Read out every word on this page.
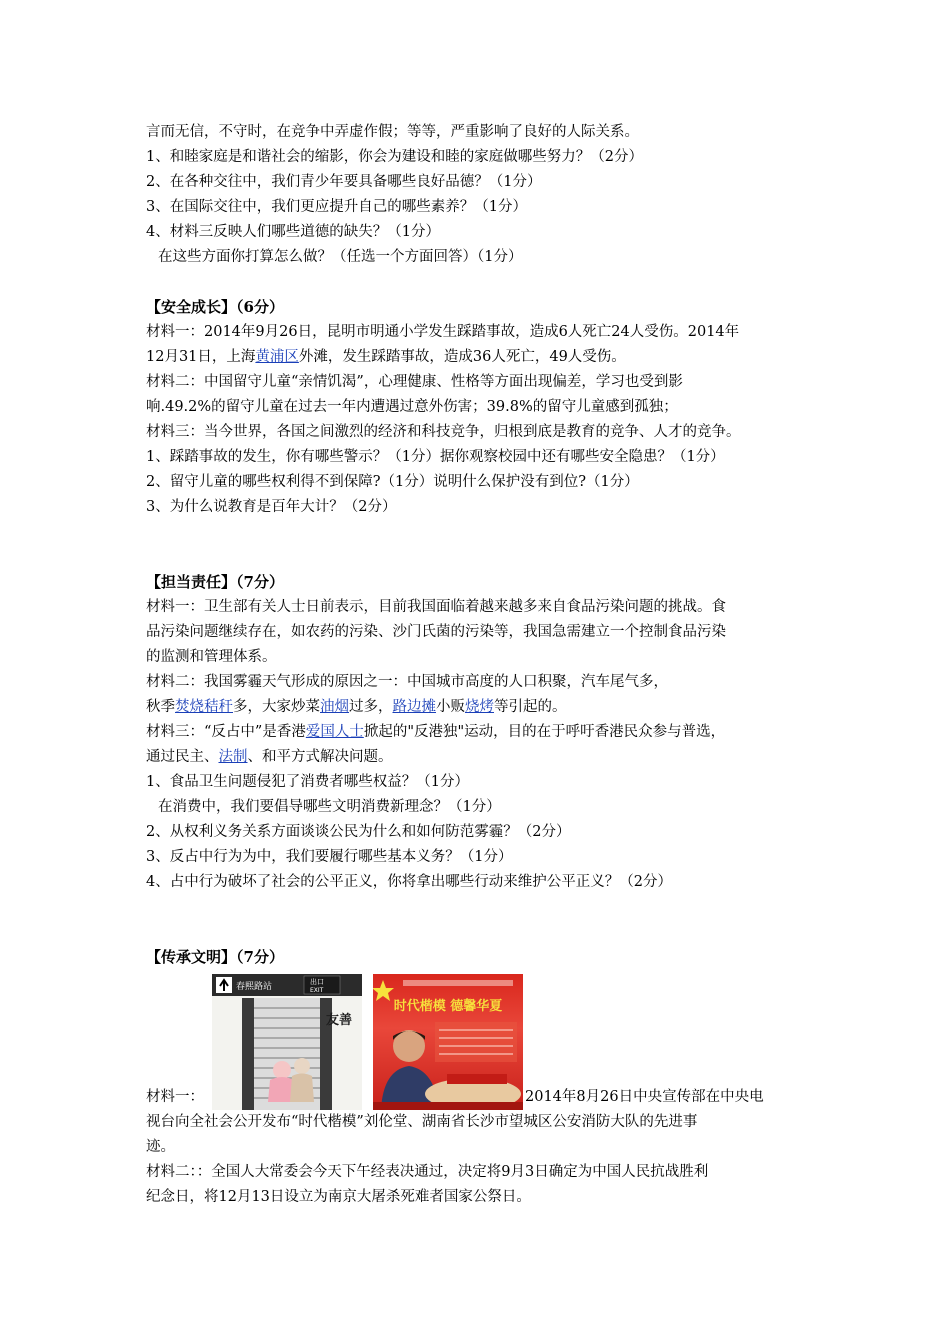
言而无信，不守时，在竞争中弄虚作假；等等，严重影响了良好的人际关系。
1、和睦家庭是和谐社会的缩影，你会为建设和睦的家庭做哪些努力？（2分）
2、在各种交往中，我们青少年要具备哪些良好品德？（1分）
3、在国际交往中，我们更应提升自己的哪些素养？（1分）
4、材料三反映人们哪些道德的缺失？（1分）
在这些方面你打算怎么做？（任选一个方面回答）（1分）
【安全成长】（6分）
材料一：2014年9月26日，昆明市明通小学发生踩踏事故，造成6人死亡24人受伤。2014年
12月31日，上海黄浦区外滩，发生踩踏事故，造成36人死亡，49人受伤。
材料二：中国留守儿童“亲情饥渴”，心理健康、性格等方面出现偏差，学习也受到影
响.49.2%的留守儿童在过去一年内遭遇过意外伤害；39.8%的留守儿童感到孤独；
材料三：当今世界，各国之间激烈的经济和科技竞争，归根到底是教育的竞争、人才的竞争。
1、踩踏事故的发生，你有哪些警示？（1分）据你观察校园中还有哪些安全隐患？（1分）
2、留守儿童的哪些权利得不到保障?（1分）说明什么保护没有到位?（1分）
3、为什么说教育是百年大计？（2分）
【担当责任】（7分）
材料一：卫生部有关人士日前表示，目前我国面临着越来越多来自食品污染问题的挑战。食
品污染问题继续存在，如农药的污染、沙门氏菌的污染等，我国急需建立一个控制食品污染
的监测和管理体系。
材料二：我国雾霾天气形成的原因之一：中国城市高度的人口积聚，汽车尾气多，
秋季焚烧秸秆多，大家炒菜油烟过多，路边摊小贩烧烤等引起的。
材料三：“反占中”是香港爱国人士掀起的"反港独"运动，目的在于呼吁香港民众参与普选，
通过民主、法制、和平方式解决问题。
1、食品卫生问题侵犯了消费者哪些权益？（1分）
在消费中，我们要倡导哪些文明消费新理念？（1分）
2、从权利义务关系方面谈谈公民为什么和如何防范雾霾？（2分）
3、反占中行为为中，我们要履行哪些基本义务？（1分）
4、占中行为破坏了社会的公平正义，你将拿出哪些行动来维护公平正义？（2分）
【传承文明】（7分）
材料一：
春熙路站	出口
EXIT
友善
时代楷模 德馨华夏
2014年8月26日中央宣传部在中央电
视台向全社会公开发布“时代楷模”刘伦堂、湖南省长沙市望城区公安消防大队的先进事
迹。
材料二：：全国人大常委会今天下午经表决通过，决定将9月3日确定为中国人民抗战胜利
纪念日，将12月13日设立为南京大屠杀死难者国家公祭日。
